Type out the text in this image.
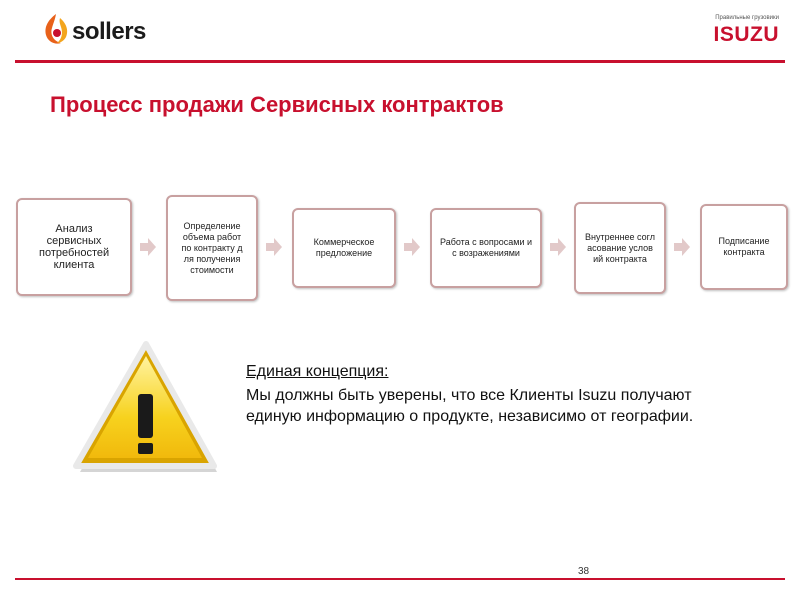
sollers	Правильные грузовики
ISUZU
Процесс продажи Сервисных контрактов
Анализ сервисных потребностей клиента
Определение объема работ по контракту для получения стоимости
Коммерческое предложение
Работа с вопросами и с возражениями
Внутреннее согласование условий контракта
Подписание контракта
Единая концепция:
Мы должны быть уверены, что все Клиенты Isuzu получают единую информацию о продукте, независимо от географии.
38
